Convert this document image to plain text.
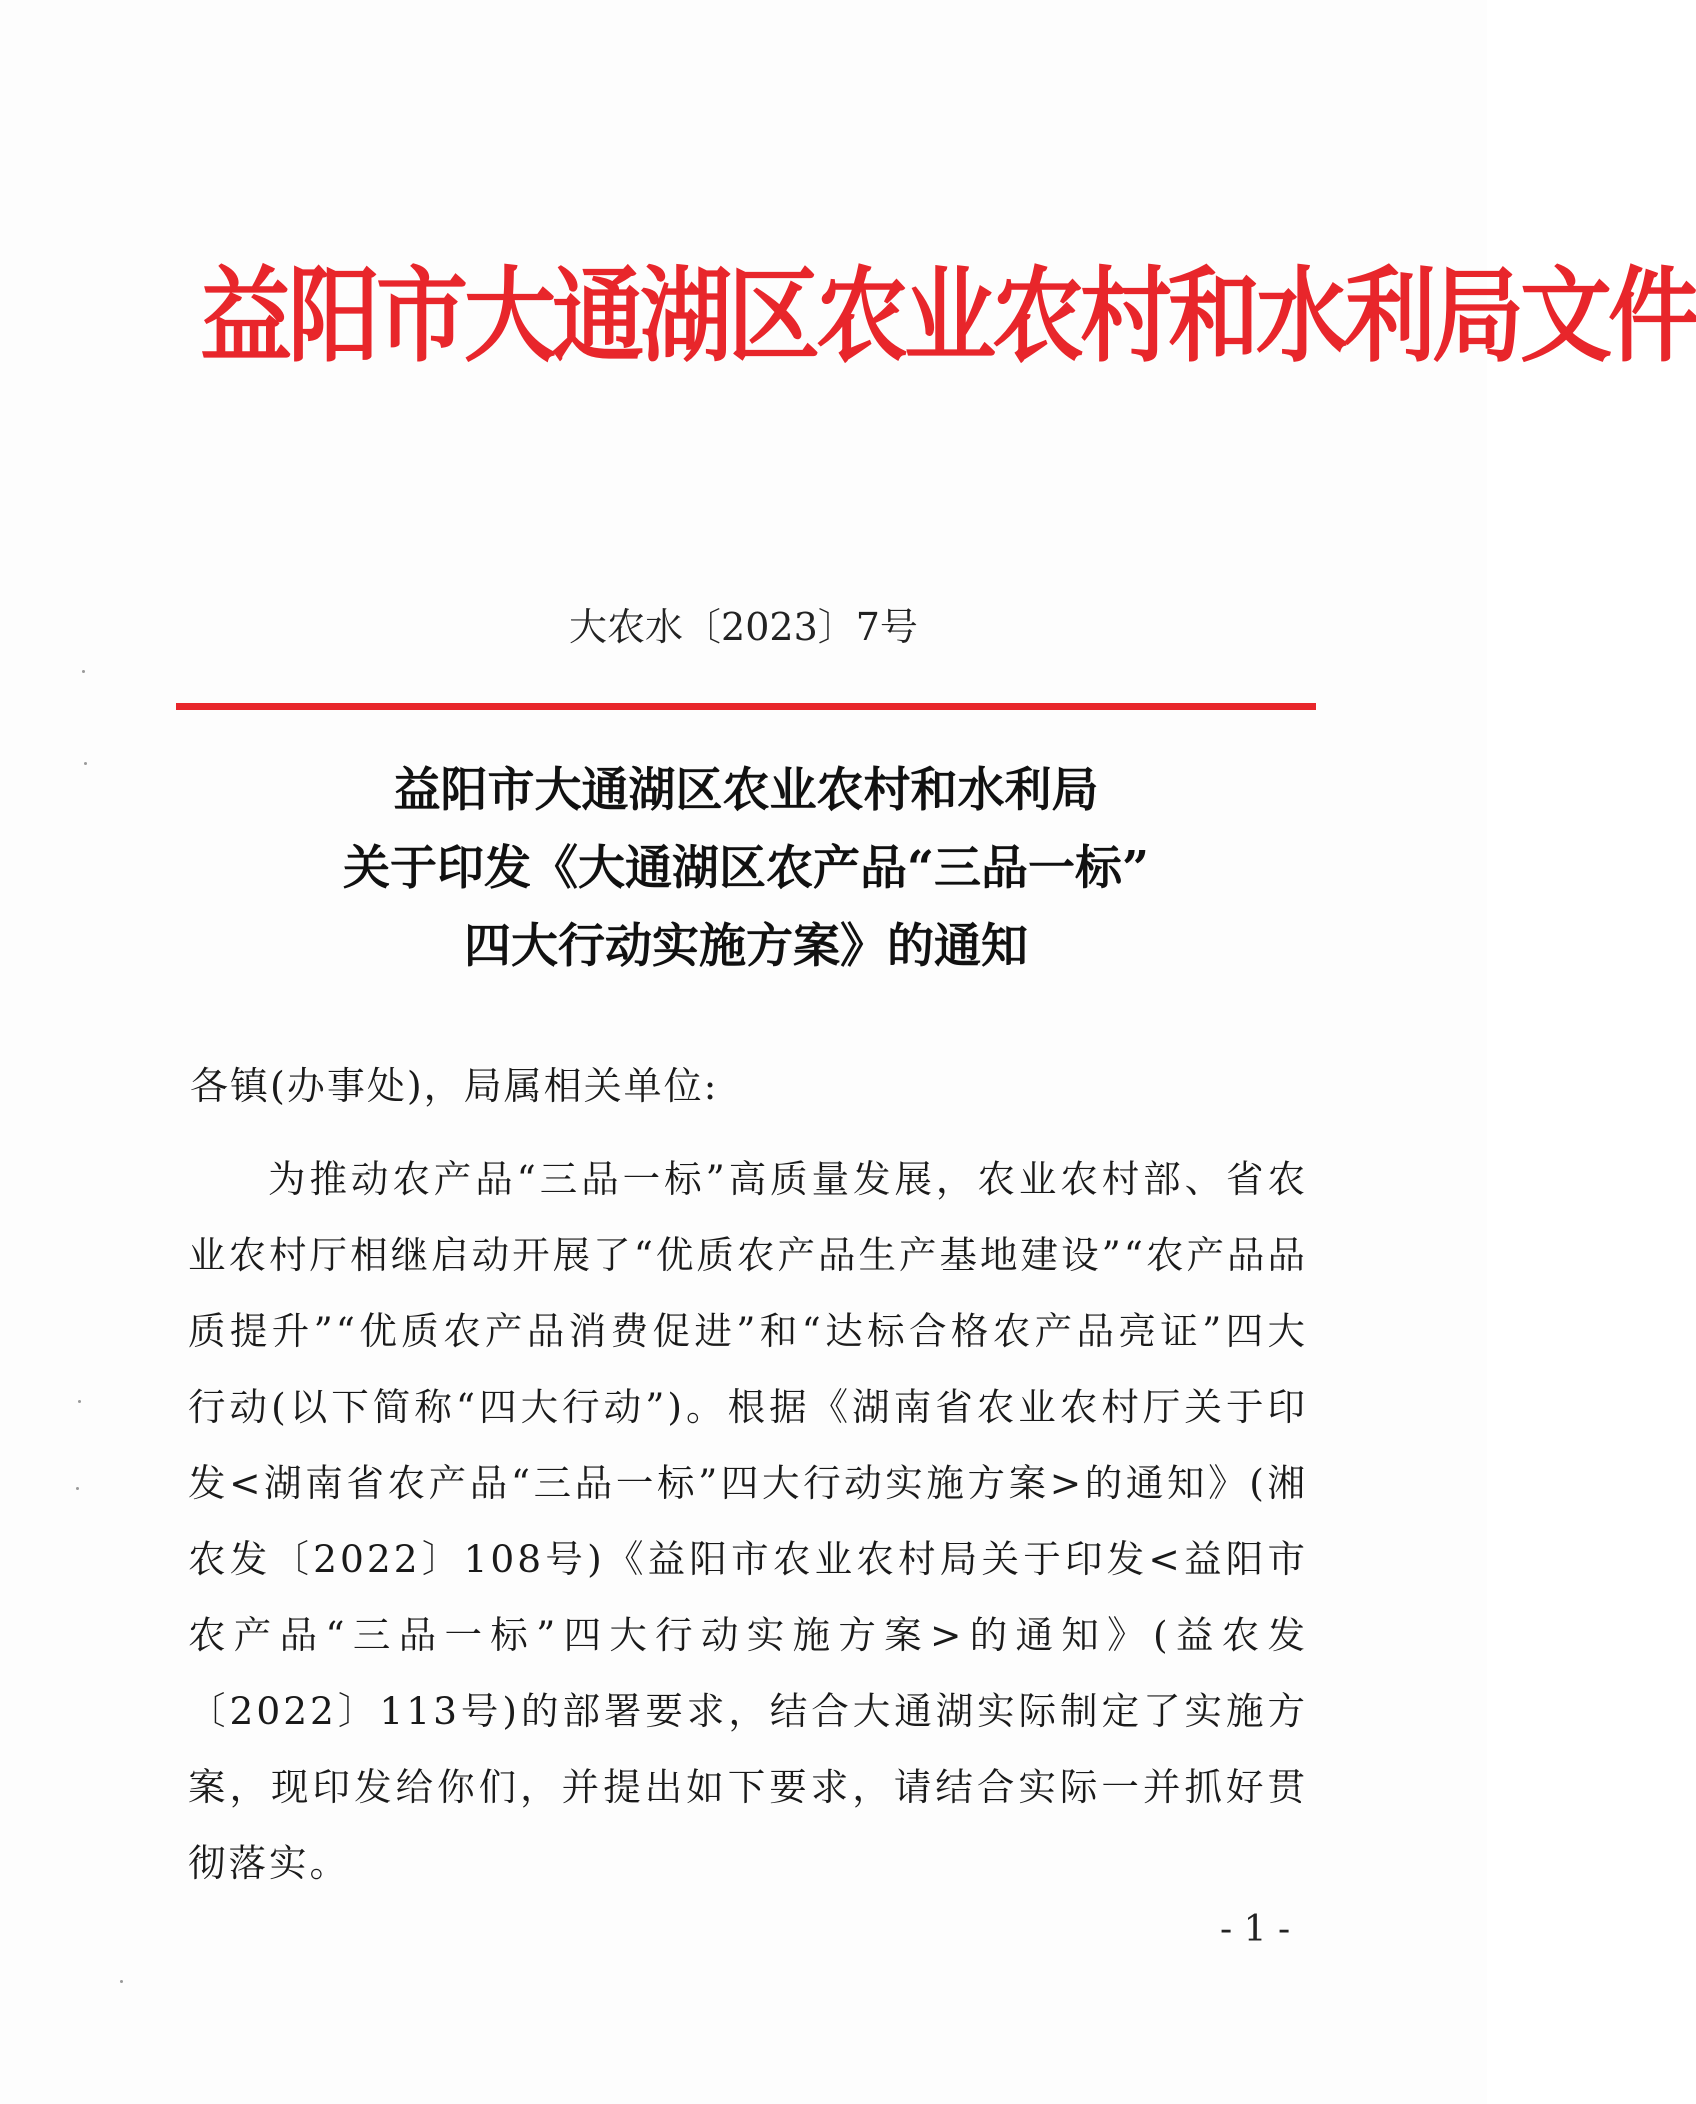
益阳市大通湖区农业农村和水利局文件
大农水〔2023〕7号
益阳市大通湖区农业农村和水利局
关于印发《大通湖区农产品“三品一标”
四大行动实施方案》的通知
各镇(办事处)，局属相关单位:

为推动农产品“三品一标”高质量发展，农业农村部、省农业农村厅相继启动开展了“优质农产品生产基地建设”“农产品品质提升”“优质农产品消费促进”和“达标合格农产品亮证”四大行动(以下简称“四大行动”)。根据《湖南省农业农村厅关于印发<湖南省农产品“三品一标”四大行动实施方案>的通知》(湘农发〔2022〕108号)《益阳市农业农村局关于印发<益阳市农产品“三品一标”四大行动实施方案>的通知》(益农发〔2022〕113号)的部署要求，结合大通湖实际制定了实施方案，现印发给你们，并提出如下要求，请结合实际一并抓好贯彻落实。

- 1 -
